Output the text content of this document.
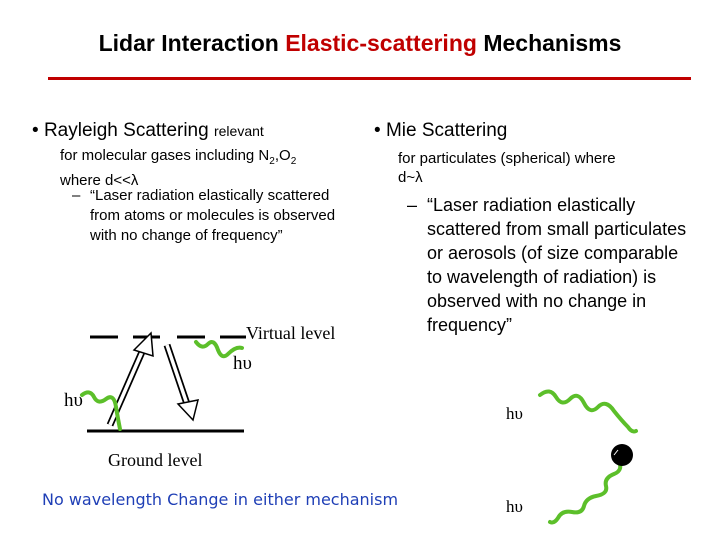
Lidar Interaction Elastic-scattering Mechanisms
• Rayleigh Scattering relevant
for molecular gases including $N_2,O_2$
where d<<λ
– “Laser radiation elastically scattered from atoms or molecules is observed with no change of frequency”
• Mie Scattering
for particulates (spherical) where
d~λ
– “Laser radiation elastically scattered from small particulates or aerosols (of size comparable to wavelength of radiation) is observed with no change in frequency”
Virtual level
hυ
hυ
Ground level
hυ
hυ
No wavelength Change in either mechanism
